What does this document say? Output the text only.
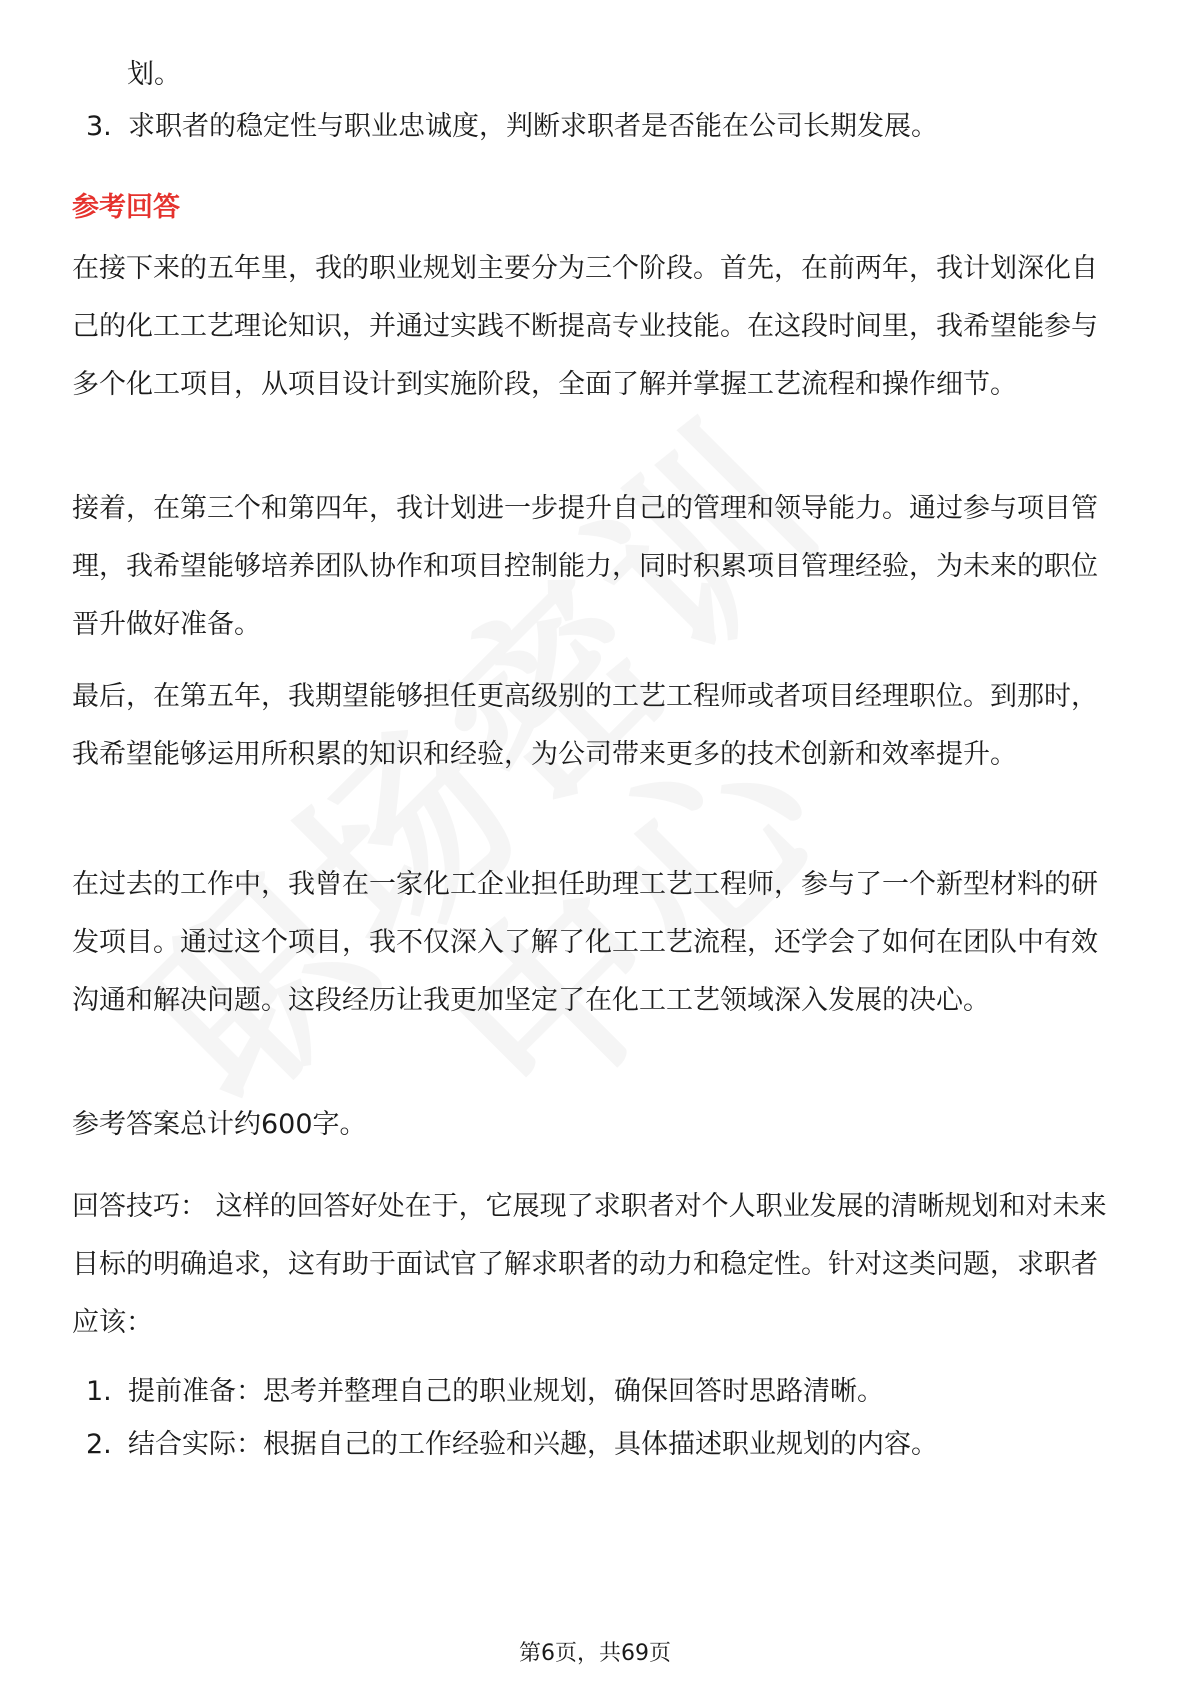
划。
3. 求职者的稳定性与职业忠诚度，判断求职者是否能在公司长期发展。
参考回答
在接下来的五年里，我的职业规划主要分为三个阶段。首先，在前两年，我计划深化自己的化工工艺理论知识，并通过实践不断提高专业技能。在这段时间里，我希望能参与多个化工项目，从项目设计到实施阶段，全面了解并掌握工艺流程和操作细节。
接着，在第三个和第四年，我计划进一步提升自己的管理和领导能力。通过参与项目管理，我希望能够培养团队协作和项目控制能力，同时积累项目管理经验，为未来的职位晋升做好准备。
最后，在第五年，我期望能够担任更高级别的工艺工程师或者项目经理职位。到那时，我希望能够运用所积累的知识和经验，为公司带来更多的技术创新和效率提升。
在过去的工作中，我曾在一家化工企业担任助理工艺工程师，参与了一个新型材料的研发项目。通过这个项目，我不仅深入了解了化工工艺流程，还学会了如何在团队中有效沟通和解决问题。这段经历让我更加坚定了在化工工艺领域深入发展的决心。
参考答案总计约600字。
回答技巧： 这样的回答好处在于，它展现了求职者对个人职业发展的清晰规划和对未来目标的明确追求，这有助于面试官了解求职者的动力和稳定性。针对这类问题，求职者应该：
1. 提前准备：思考并整理自己的职业规划，确保回答时思路清晰。
2. 结合实际：根据自己的工作经验和兴趣，具体描述职业规划的内容。
第6页，共69页
